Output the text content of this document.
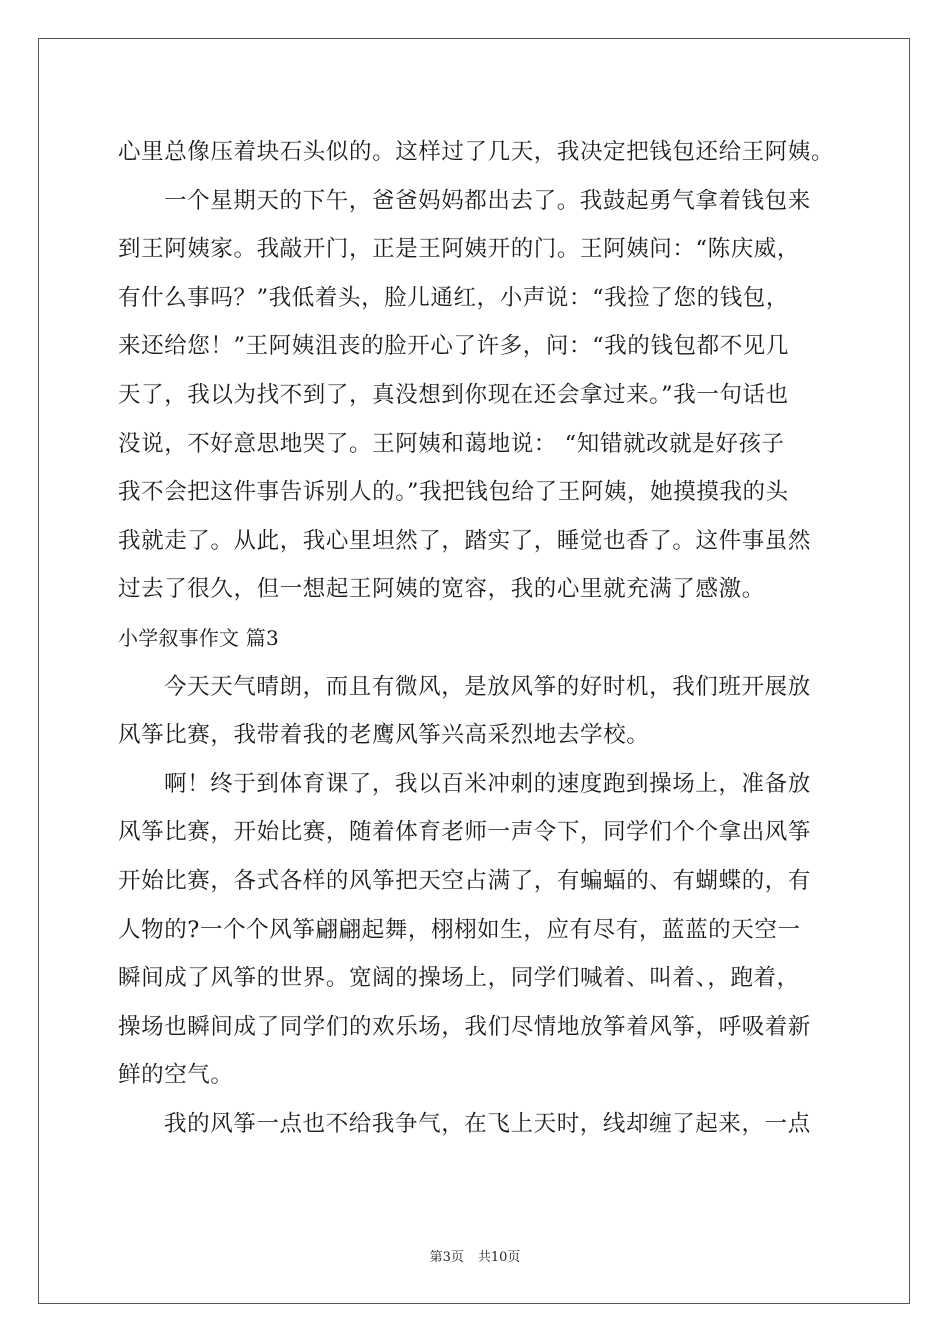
心里总像压着块石头似的。这样过了几天，我决定把钱包还给王阿姨。
一个星期天的下午，爸爸妈妈都出去了。我鼓起勇气拿着钱包来
到王阿姨家。我敲开门，正是王阿姨开的门。王阿姨问：“陈庆威，
有什么事吗？”我低着头，脸儿通红，小声说：“我捡了您的钱包，
来还给您！”王阿姨沮丧的脸开心了许多，问：“我的钱包都不见几
天了，我以为找不到了，真没想到你现在还会拿过来。”我一句话也
没说，不好意思地哭了。王阿姨和蔼地说： “知错就改就是好孩子
我不会把这件事告诉别人的。”我把钱包给了王阿姨，她摸摸我的头
我就走了。从此，我心里坦然了，踏实了，睡觉也香了。这件事虽然
过去了很久，但一想起王阿姨的宽容，我的心里就充满了感激。
小学叙事作文 篇3
今天天气晴朗，而且有微风，是放风筝的好时机，我们班开展放
风筝比赛，我带着我的老鹰风筝兴高采烈地去学校。
啊！终于到体育课了，我以百米冲刺的速度跑到操场上，准备放
风筝比赛，开始比赛，随着体育老师一声令下，同学们个个拿出风筝
开始比赛，各式各样的风筝把天空占满了，有蝙蝠的、有蝴蝶的，有
人物的?一个个风筝翩翩起舞，栩栩如生，应有尽有，蓝蓝的天空一
瞬间成了风筝的世界。宽阔的操场上，同学们喊着、叫着、，跑着，
操场也瞬间成了同学们的欢乐场，我们尽情地放筝着风筝，呼吸着新
鲜的空气。
我的风筝一点也不给我争气，在飞上天时，线却缠了起来，一点
第3页 共10页
